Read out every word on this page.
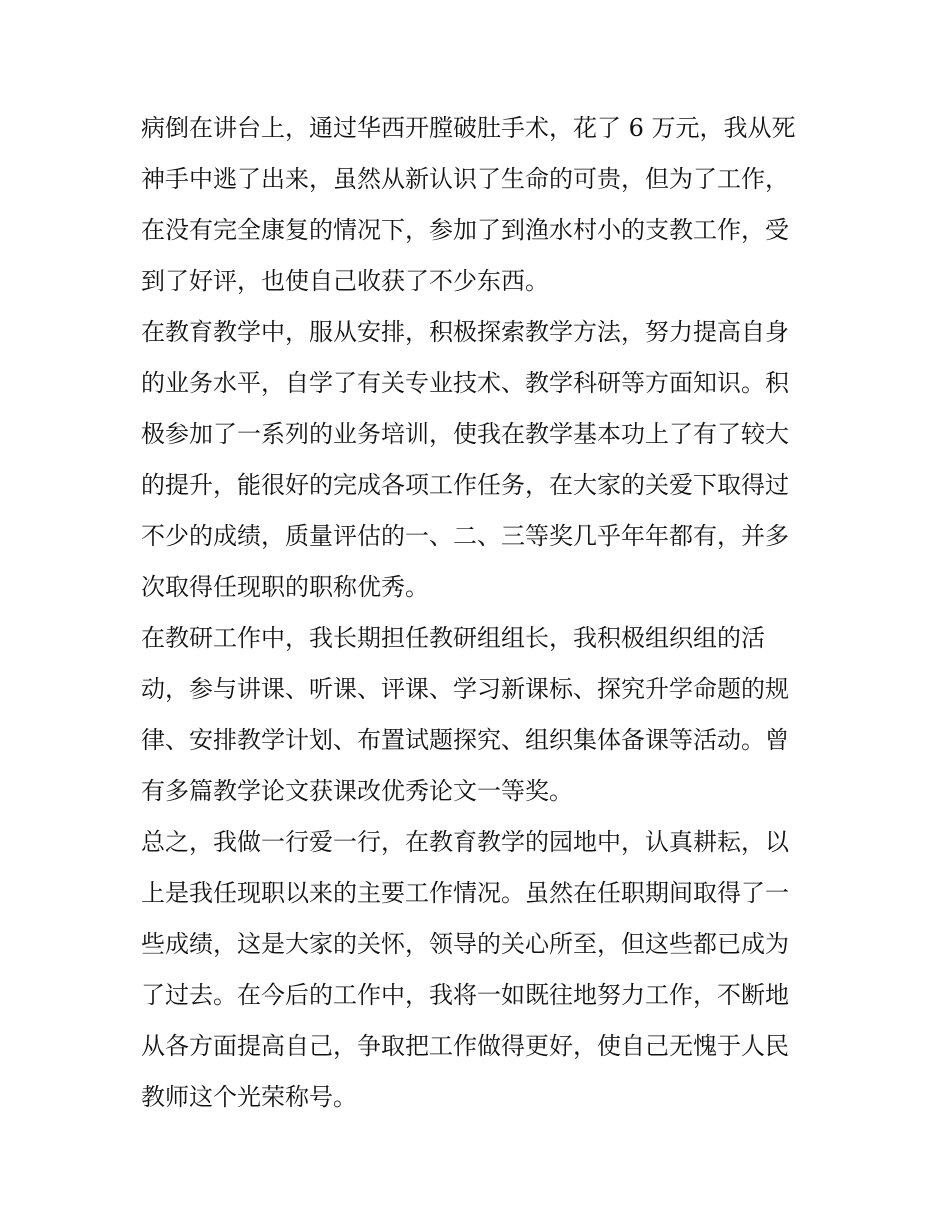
病倒在讲台上，通过华西开膛破肚手术，花了 6 万元，我从死
神手中逃了出来，虽然从新认识了生命的可贵，但为了工作，
在没有完全康复的情况下，参加了到渔水村小的支教工作，受
到了好评，也使自己收获了不少东西。
在教育教学中，服从安排，积极探索教学方法，努力提高自身
的业务水平，自学了有关专业技术、教学科研等方面知识。积
极参加了一系列的业务培训，使我在教学基本功上了有了较大
的提升，能很好的完成各项工作任务，在大家的关爱下取得过
不少的成绩，质量评估的一、二、三等奖几乎年年都有，并多
次取得任现职的职称优秀。
在教研工作中，我长期担任教研组组长，我积极组织组的活
动，参与讲课、听课、评课、学习新课标、探究升学命题的规
律、安排教学计划、布置试题探究、组织集体备课等活动。曾
有多篇教学论文获课改优秀论文一等奖。
总之，我做一行爱一行，在教育教学的园地中，认真耕耘，以
上是我任现职以来的主要工作情况。虽然在任职期间取得了一
些成绩，这是大家的关怀，领导的关心所至，但这些都已成为
了过去。在今后的工作中，我将一如既往地努力工作，不断地
从各方面提高自己，争取把工作做得更好，使自己无愧于人民
教师这个光荣称号。
